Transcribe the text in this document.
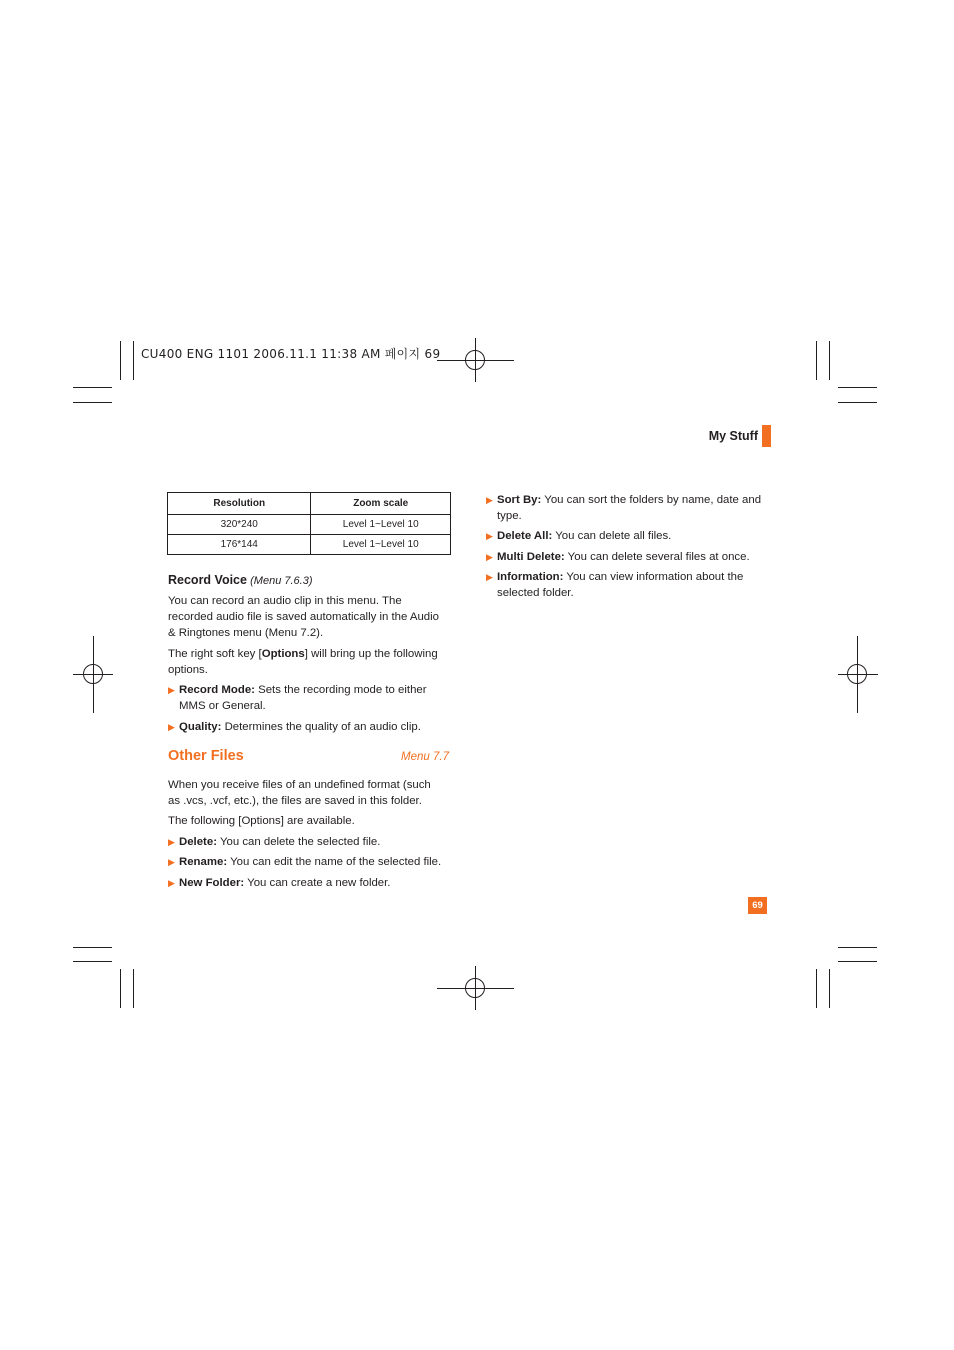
CU400 ENG 1101 2006.11.1 11:38 AM 페이지 69
My Stuff
Resolution	Zoom scale
320*240	Level 1~Level 10
176*144	Level 1~Level 10
Record Voice (Menu 7.6.3)
You can record an audio clip in this menu. The
recorded audio file is saved automatically in the Audio
& Ringtones menu (Menu 7.2).
The right soft key [Options] will bring up the following
options.
▶ Record Mode: Sets the recording mode to either
MMS or General.
▶ Quality: Determines the quality of an audio clip.
Other Files	Menu 7.7
When you receive files of an undefined format (such
as .vcs, .vcf, etc.), the files are saved in this folder.
The following [Options] are available.
▶ Delete: You can delete the selected file.
▶ Rename: You can edit the name of the selected file.
▶ New Folder: You can create a new folder.
▶ Sort By: You can sort the folders by name, date and
type.
▶ Delete All: You can delete all files.
▶ Multi Delete: You can delete several files at once.
▶ Information: You can view information about the
selected folder.
69
